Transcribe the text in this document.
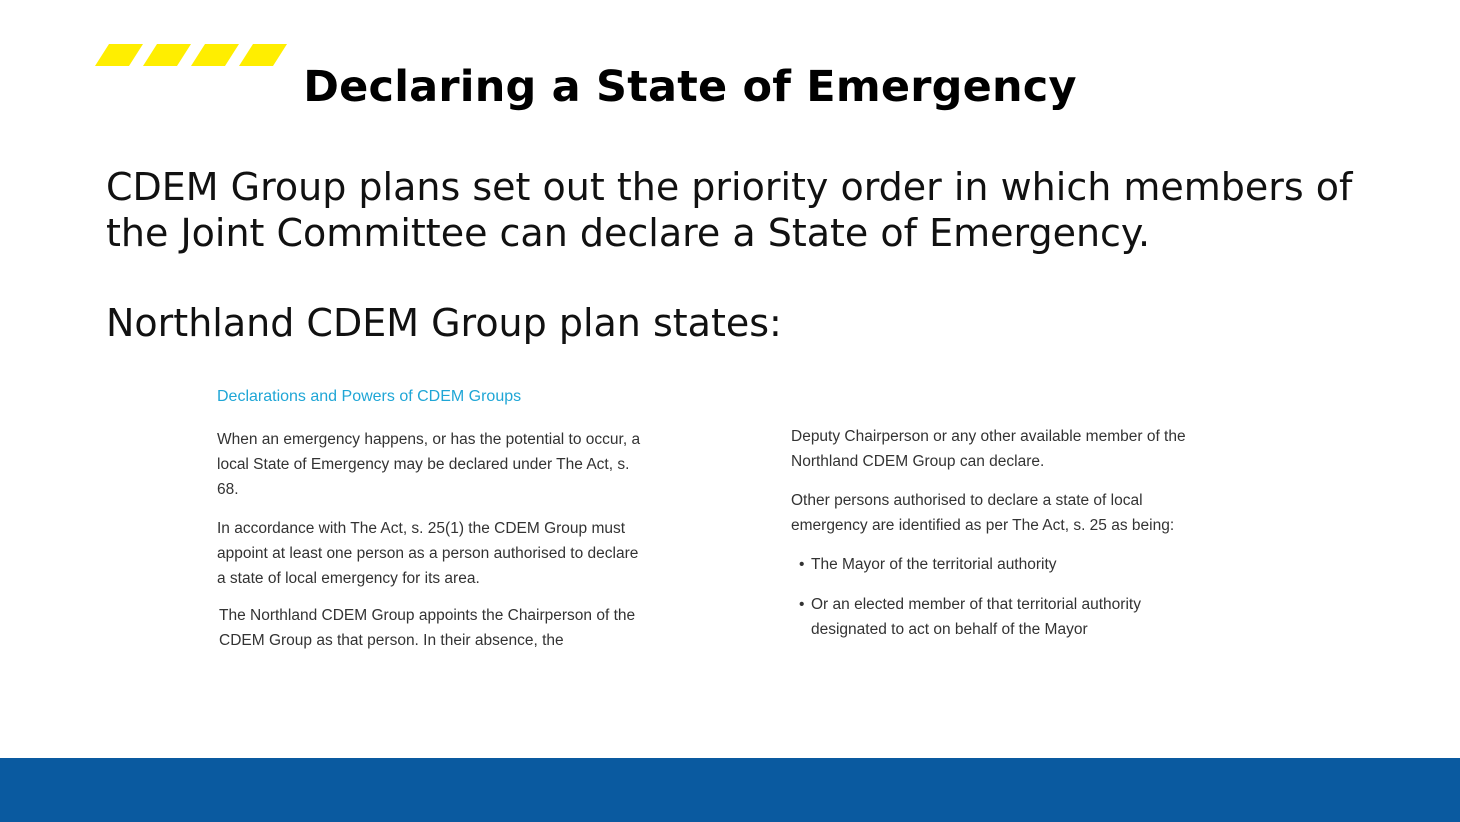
Declaring a State of Emergency

CDEM Group plans set out the priority order in which members of the Joint Committee can declare a State of Emergency.

Northland CDEM Group plan states:

Declarations and Powers of CDEM Groups

When an emergency happens, or has the potential to occur, a local State of Emergency may be declared under The Act, s. 68.

In accordance with The Act, s. 25(1) the CDEM Group must appoint at least one person as a person authorised to declare a state of local emergency for its area.

The Northland CDEM Group appoints the Chairperson of the CDEM Group as that person. In their absence, the

Deputy Chairperson or any other available member of the Northland CDEM Group can declare.

Other persons authorised to declare a state of local emergency are identified as per The Act, s. 25 as being:

• The Mayor of the territorial authority
• Or an elected member of that territorial authority designated to act on behalf of the Mayor
